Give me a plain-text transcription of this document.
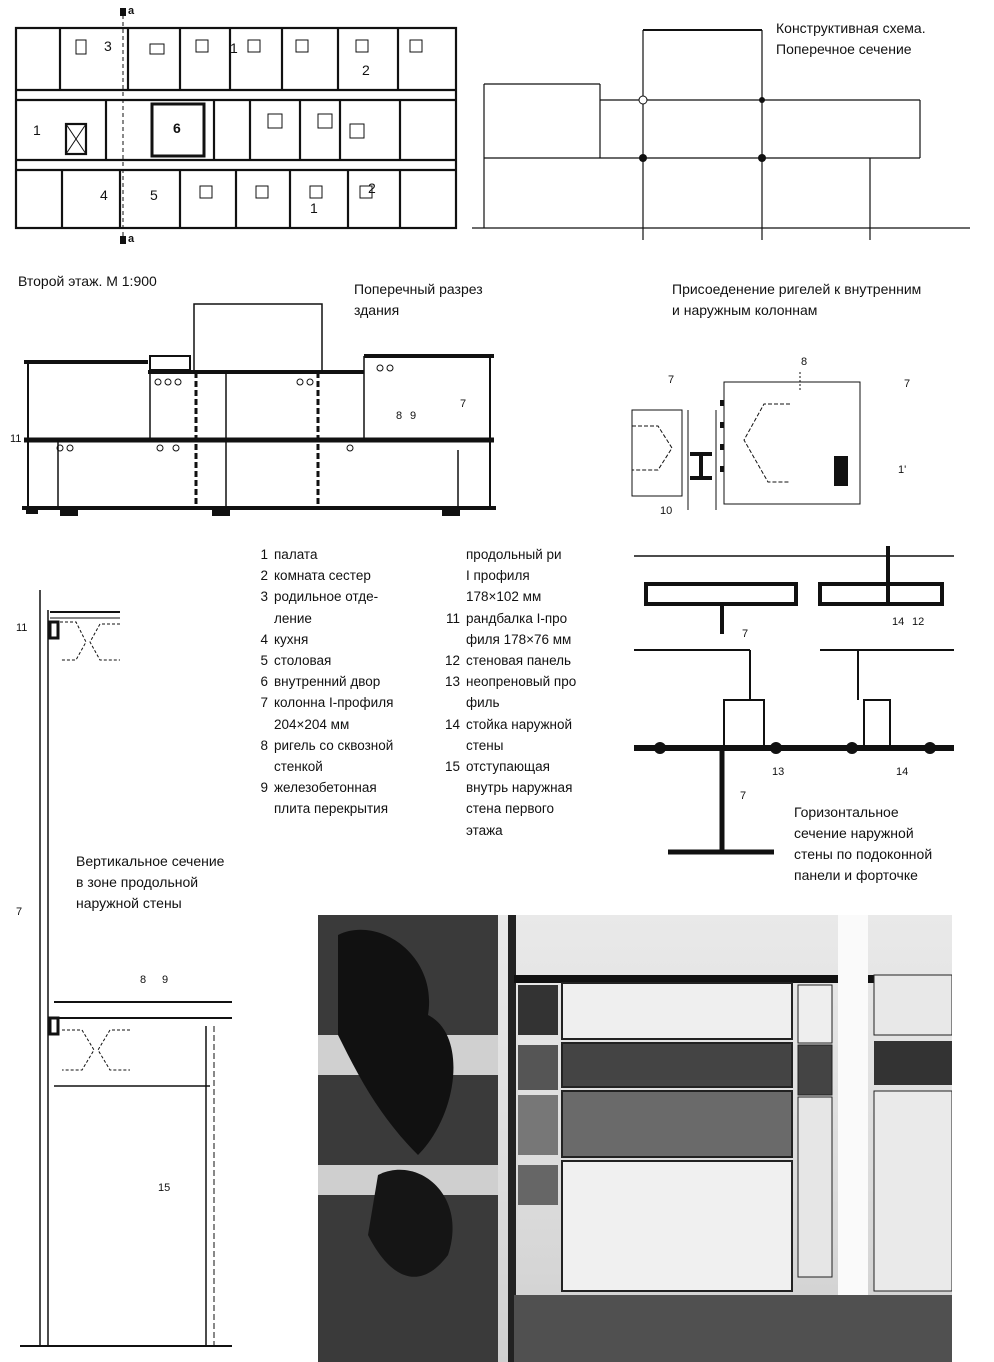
а
а
1
2
3
1	6
4	5	2
1
Второй этаж. М 1:900
Конструктивная схема.
Поперечное сечение
Поперечный разрез
здания
11
8 9
7
Присоеденение ригелей к внутренним
и наружным колоннам
8
7	7
10
1'
1 палата
2 комната сестер
3 родильное отде-
ление
4 кухня
5 столовая
6 внутренний двор
7 колонна I-профиля
204×204 мм
8 ригель со сквозной
стенкой
9 железобетонная
плита перекрытия
продольный ри
I профиля
178×102 мм
11 рандбалка I-про
филя 178×76 мм
12 стеновая панель
13 неопреновый про
филь
14 стойка наружной
стены
15 отступающая
внутрь наружная
стена первого
этажа
7
14 12
13	14
7
Горизонтальное
сечение наружной
стены по подоконной
панели и форточке
11
7
8 9
15
Вертикальное сечение
в зоне продольной
наружной стены
